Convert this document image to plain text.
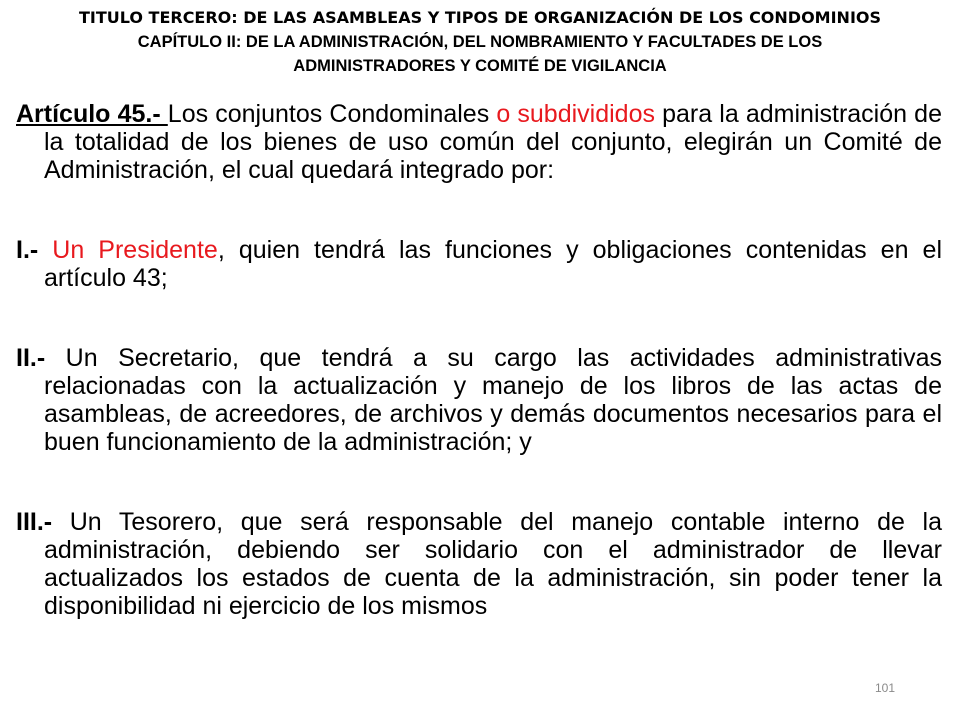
TITULO TERCERO: DE LAS ASAMBLEAS Y TIPOS DE ORGANIZACIÓN DE LOS CONDOMINIOS
CAPÍTULO II: DE LA ADMINISTRACIÓN, DEL NOMBRAMIENTO Y FACULTADES DE LOS
ADMINISTRADORES Y COMITÉ DE VIGILANCIA

Artículo 45.- Los conjuntos Condominales o subdivididos para la administración de la totalidad de los bienes de uso común del conjunto, elegirán un Comité de Administración, el cual quedará integrado por:

I.- Un Presidente, quien tendrá las funciones y obligaciones contenidas en el artículo 43;

II.- Un Secretario, que tendrá a su cargo las actividades administrativas relacionadas con la actualización y manejo de los libros de las actas de asambleas, de acreedores, de archivos y demás documentos necesarios para el buen funcionamiento de la administración; y

III.- Un Tesorero, que será responsable del manejo contable interno de la administración, debiendo ser solidario con el administrador de llevar actualizados los estados de cuenta de la administración, sin poder tener la disponibilidad ni ejercicio de los mismos

101
